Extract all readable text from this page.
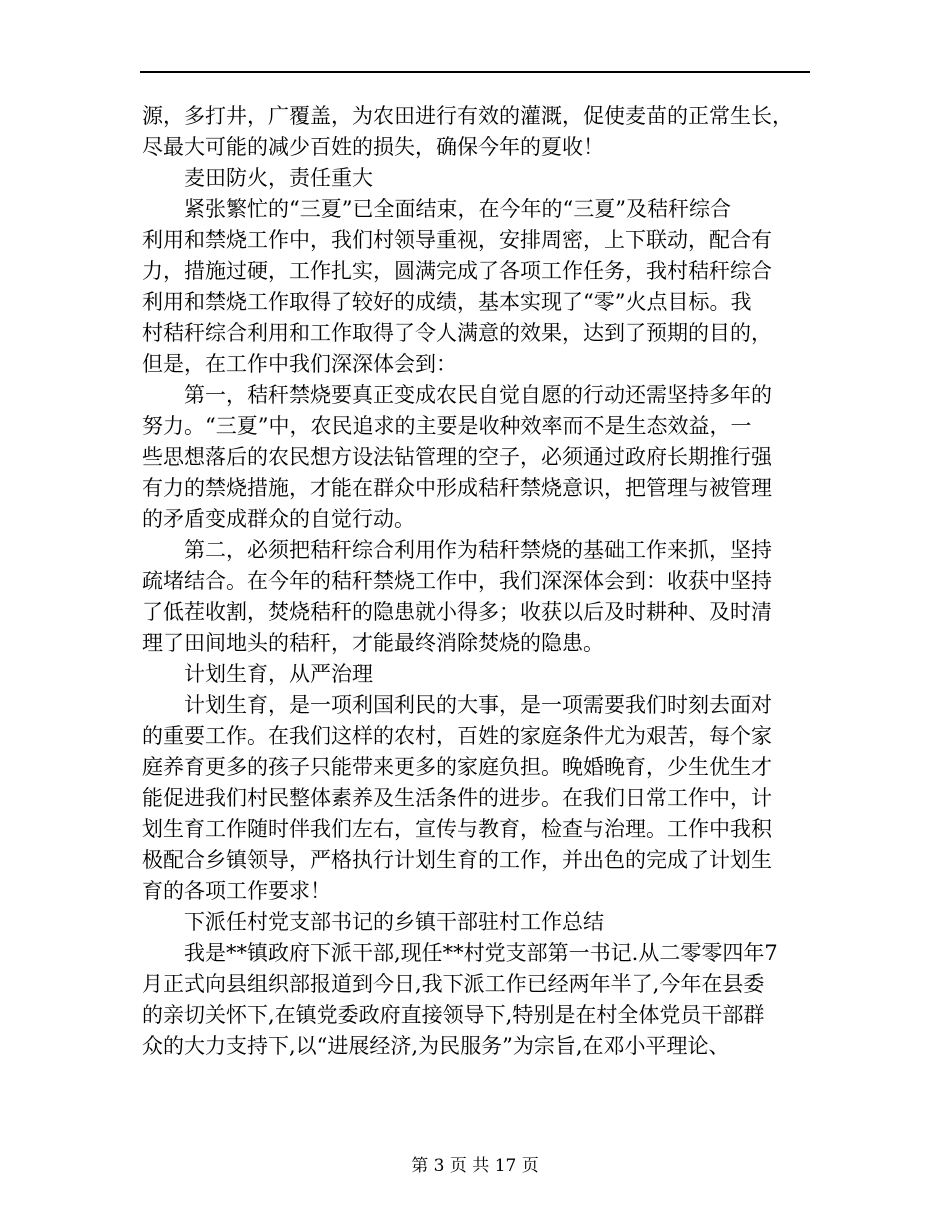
源，多打井，广覆盖，为农田进行有效的灌溉，促使麦苗的正常生长，
尽最大可能的减少百姓的损失，确保今年的夏收！
麦田防火，责任重大
紧张繁忙的“三夏”已全面结束，在今年的“三夏”及秸秆综合
利用和禁烧工作中，我们村领导重视，安排周密，上下联动，配合有
力，措施过硬，工作扎实，圆满完成了各项工作任务，我村秸秆综合
利用和禁烧工作取得了较好的成绩，基本实现了“零”火点目标。我
村秸秆综合利用和工作取得了令人满意的效果，达到了预期的目的，
但是，在工作中我们深深体会到：
第一，秸秆禁烧要真正变成农民自觉自愿的行动还需坚持多年的
努力。“三夏”中，农民追求的主要是收种效率而不是生态效益，一
些思想落后的农民想方设法钻管理的空子，必须通过政府长期推行强
有力的禁烧措施，才能在群众中形成秸秆禁烧意识，把管理与被管理
的矛盾变成群众的自觉行动。
第二，必须把秸秆综合利用作为秸秆禁烧的基础工作来抓，坚持
疏堵结合。在今年的秸秆禁烧工作中，我们深深体会到：收获中坚持
了低茬收割，焚烧秸秆的隐患就小得多；收获以后及时耕种、及时清
理了田间地头的秸秆，才能最终消除焚烧的隐患。
计划生育，从严治理
计划生育，是一项利国利民的大事，是一项需要我们时刻去面对
的重要工作。在我们这样的农村，百姓的家庭条件尤为艰苦，每个家
庭养育更多的孩子只能带来更多的家庭负担。晚婚晚育，少生优生才
能促进我们村民整体素养及生活条件的进步。在我们日常工作中，计
划生育工作随时伴我们左右，宣传与教育，检查与治理。工作中我积
极配合乡镇领导，严格执行计划生育的工作，并出色的完成了计划生
育的各项工作要求！
下派任村党支部书记的乡镇干部驻村工作总结
我是**镇政府下派干部,现任**村党支部第一书记.从二零零四年7
月正式向县组织部报道到今日,我下派工作已经两年半了,今年在县委
的亲切关怀下,在镇党委政府直接领导下,特别是在村全体党员干部群
众的大力支持下,以“进展经济,为民服务”为宗旨,在邓小平理论、
第 3 页 共 17 页
